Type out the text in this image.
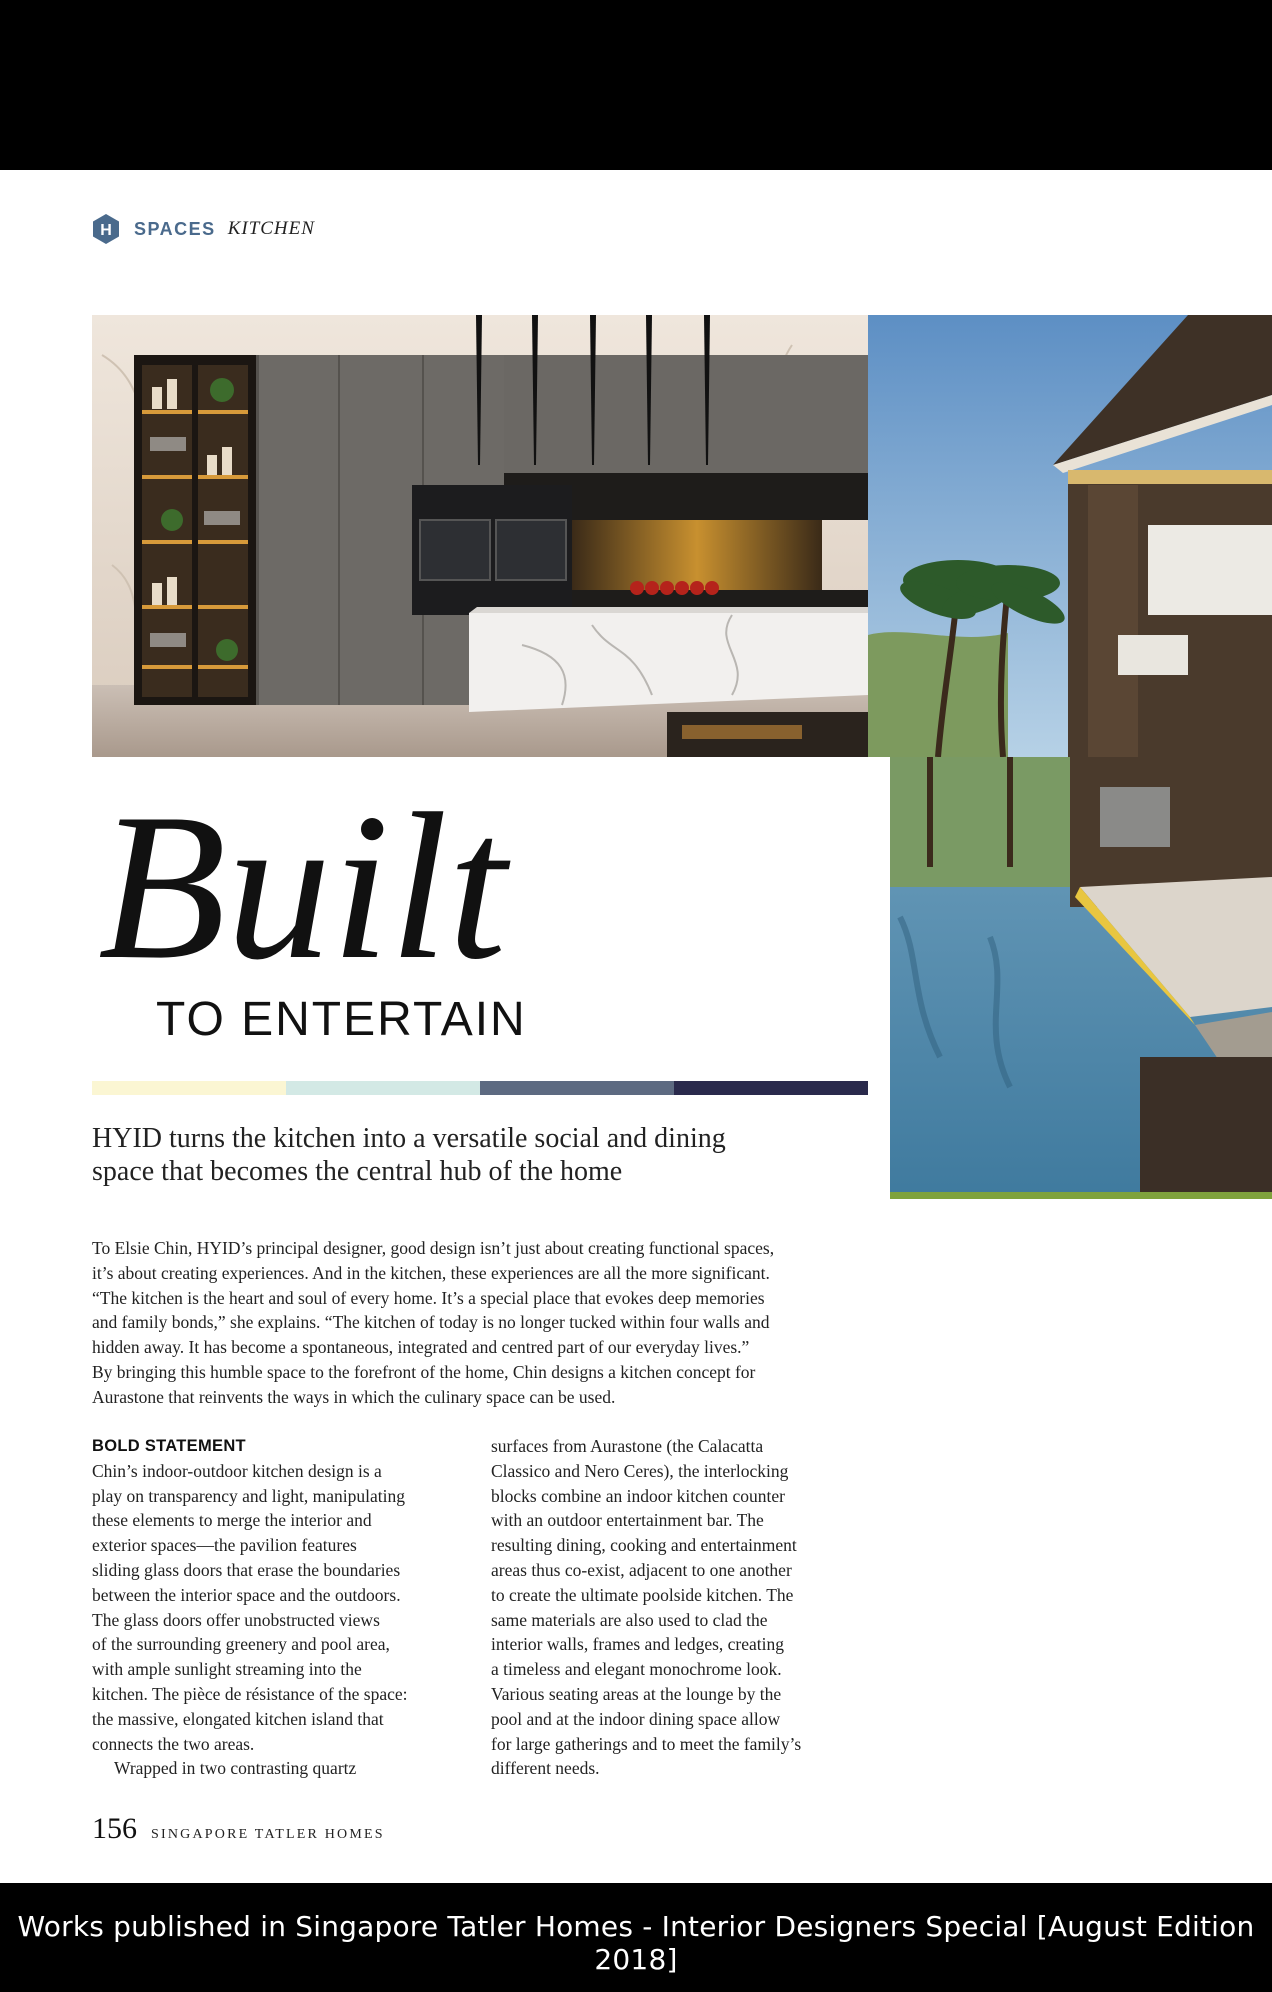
H SPACES KITCHEN
Built
TO ENTERTAIN
HYID turns the kitchen into a versatile social and dining
space that becomes the central hub of the home
To Elsie Chin, HYID’s principal designer, good design isn’t just about creating functional spaces,
it’s about creating experiences. And in the kitchen, these experiences are all the more significant.
“The kitchen is the heart and soul of every home. It’s a special place that evokes deep memories
and family bonds,” she explains. “The kitchen of today is no longer tucked within four walls and
hidden away. It has become a spontaneous, integrated and centred part of our everyday lives.”
By bringing this humble space to the forefront of the home, Chin designs a kitchen concept for
Aurastone that reinvents the ways in which the culinary space can be used.
BOLD STATEMENT
Chin’s indoor-outdoor kitchen design is a
play on transparency and light, manipulating
these elements to merge the interior and
exterior spaces—the pavilion features
sliding glass doors that erase the boundaries
between the interior space and the outdoors.
The glass doors offer unobstructed views
of the surrounding greenery and pool area,
with ample sunlight streaming into the
kitchen. The pièce de résistance of the space:
the massive, elongated kitchen island that
connects the two areas.
Wrapped in two contrasting quartz
surfaces from Aurastone (the Calacatta
Classico and Nero Ceres), the interlocking
blocks combine an indoor kitchen counter
with an outdoor entertainment bar. The
resulting dining, cooking and entertainment
areas thus co-exist, adjacent to one another
to create the ultimate poolside kitchen. The
same materials are also used to clad the
interior walls, frames and ledges, creating
a timeless and elegant monochrome look.
Various seating areas at the lounge by the
pool and at the indoor dining space allow
for large gatherings and to meet the family’s
different needs.
156 SINGAPORE TATLER HOMES
Works published in Singapore Tatler Homes - Interior Designers Special [August Edition 2018]
